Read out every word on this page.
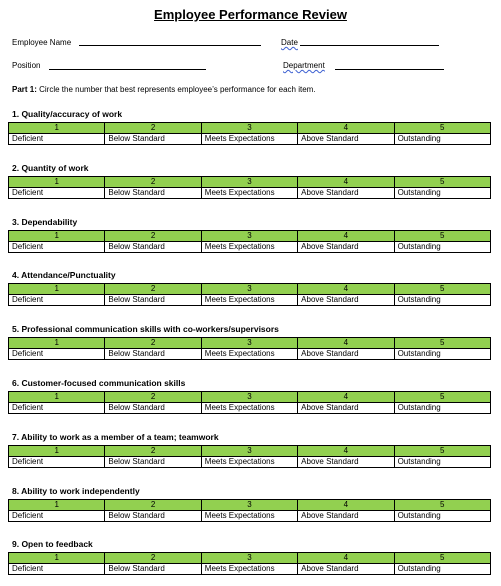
Employee Performance Review
Employee Name	Date
Position	Department
Part 1: Circle the number that best represents employee’s performance for each item.
1. Quality/accuracy of work
1	2	3	4	5
Deficient	Below Standard	Meets Expectations	Above Standard	Outstanding
2. Quantity of work
1	2	3	4	5
Deficient	Below Standard	Meets Expectations	Above Standard	Outstanding
3. Dependability
1	2	3	4	5
Deficient	Below Standard	Meets Expectations	Above Standard	Outstanding
4. Attendance/Punctuality
1	2	3	4	5
Deficient	Below Standard	Meets Expectations	Above Standard	Outstanding
5. Professional communication skills with co-workers/supervisors
1	2	3	4	5
Deficient	Below Standard	Meets Expectations	Above Standard	Outstanding
6. Customer-focused communication skills
1	2	3	4	5
Deficient	Below Standard	Meets Expectations	Above Standard	Outstanding
7. Ability to work as a member of a team; teamwork
1	2	3	4	5
Deficient	Below Standard	Meets Expectations	Above Standard	Outstanding
8. Ability to work independently
1	2	3	4	5
Deficient	Below Standard	Meets Expectations	Above Standard	Outstanding
9. Open to feedback
1	2	3	4	5
Deficient	Below Standard	Meets Expectations	Above Standard	Outstanding
